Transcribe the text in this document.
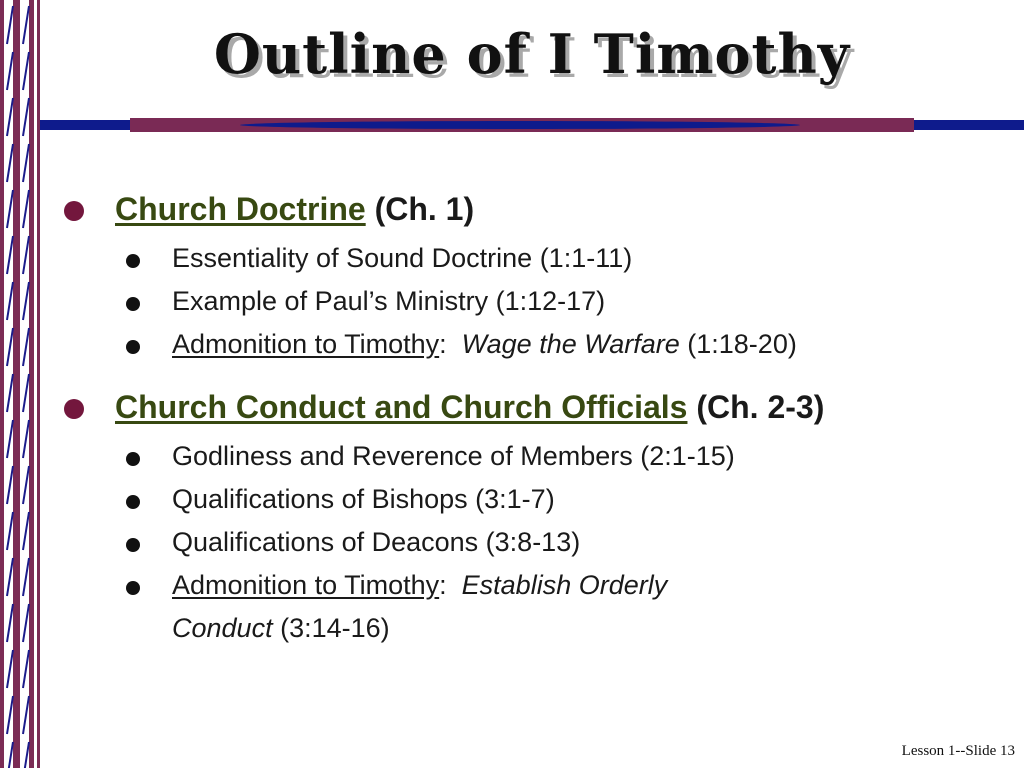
Outline of I Timothy
Church Doctrine (Ch. 1)
Essentiality of Sound Doctrine (1:1-11)
Example of Paul’s Ministry (1:12-17)
Admonition to Timothy:  Wage the Warfare (1:18-20)
Church Conduct and Church Officials (Ch. 2-3)
Godliness and Reverence of Members (2:1-15)
Qualifications of Bishops (3:1-7)
Qualifications of Deacons (3:8-13)
Admonition to Timothy:  Establish Orderly
Conduct (3:14-16)
Lesson 1--Slide 13
